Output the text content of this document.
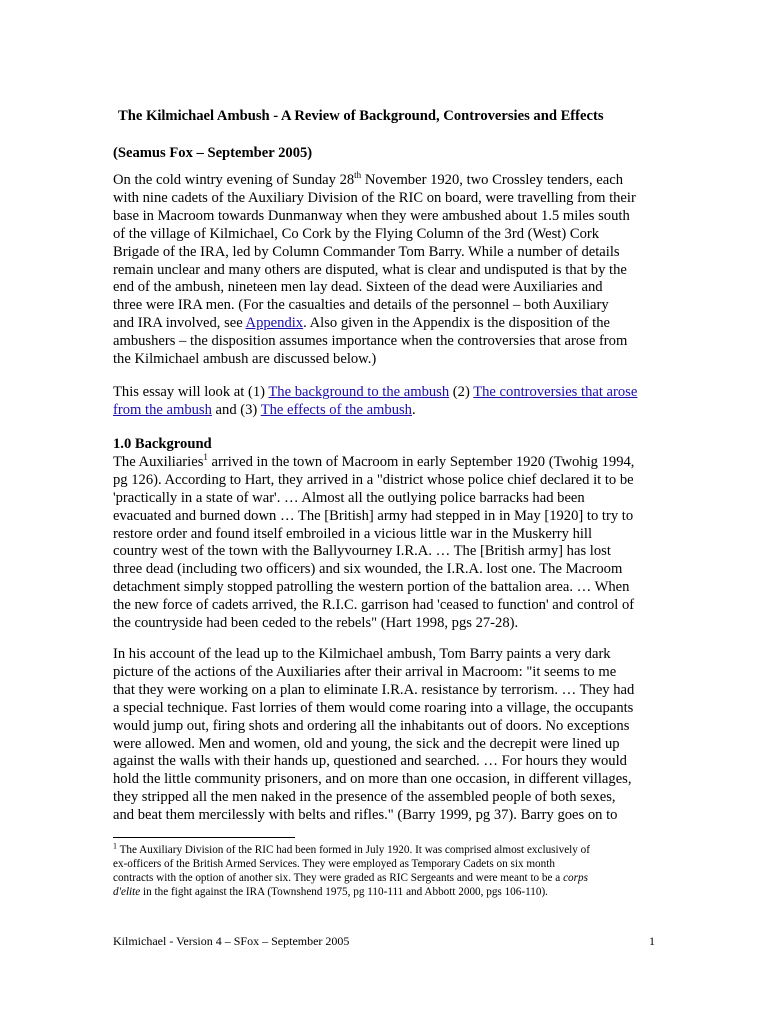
The Kilmichael Ambush - A Review of Background, Controversies and Effects
(Seamus Fox – September 2005)
On the cold wintry evening of Sunday 28th November 1920, two Crossley tenders, each
with nine cadets of the Auxiliary Division of the RIC on board, were travelling from their
base in Macroom towards Dunmanway when they were ambushed about 1.5 miles south
of the village of Kilmichael, Co Cork by the Flying Column of the 3rd (West) Cork
Brigade of the IRA, led by Column Commander Tom Barry. While a number of details
remain unclear and many others are disputed, what is clear and undisputed is that by the
end of the ambush, nineteen men lay dead. Sixteen of the dead were Auxiliaries and
three were IRA men. (For the casualties and details of the personnel – both Auxiliary
and IRA involved, see Appendix. Also given in the Appendix is the disposition of the
ambushers – the disposition assumes importance when the controversies that arose from
the Kilmichael ambush are discussed below.)
This essay will look at (1) The background to the ambush (2) The controversies that arose
from the ambush and (3) The effects of the ambush.
1.0 Background
The Auxiliaries$^1$ arrived in the town of Macroom in early September 1920 (Twohig 1994,
pg 126). According to Hart, they arrived in a "district whose police chief declared it to be
'practically in a state of war'. … Almost all the outlying police barracks had been
evacuated and burned down … The [British] army had stepped in in May [1920] to try to
restore order and found itself embroiled in a vicious little war in the Muskerry hill
country west of the town with the Ballyvourney I.R.A. … The [British army] has lost
three dead (including two officers) and six wounded, the I.R.A. lost one. The Macroom
detachment simply stopped patrolling the western portion of the battalion area. … When
the new force of cadets arrived, the R.I.C. garrison had 'ceased to function' and control of
the countryside had been ceded to the rebels" (Hart 1998, pgs 27-28).
In his account of the lead up to the Kilmichael ambush, Tom Barry paints a very dark
picture of the actions of the Auxiliaries after their arrival in Macroom: "it seems to me
that they were working on a plan to eliminate I.R.A. resistance by terrorism. … They had
a special technique. Fast lorries of them would come roaring into a village, the occupants
would jump out, firing shots and ordering all the inhabitants out of doors. No exceptions
were allowed. Men and women, old and young, the sick and the decrepit were lined up
against the walls with their hands up, questioned and searched. … For hours they would
hold the little community prisoners, and on more than one occasion, in different villages,
they stripped all the men naked in the presence of the assembled people of both sexes,
and beat them mercilessly with belts and rifles." (Barry 1999, pg 37). Barry goes on to
$^1$ The Auxiliary Division of the RIC had been formed in July 1920. It was comprised almost exclusively of
ex-officers of the British Armed Services. They were employed as Temporary Cadets on six month
contracts with the option of another six. They were graded as RIC Sergeants and were meant to be a corps
d'elite in the fight against the IRA (Townshend 1975, pg 110-111 and Abbott 2000, pgs 106-110).
Kilmichael - Version 4 – SFox – September 2005	1
